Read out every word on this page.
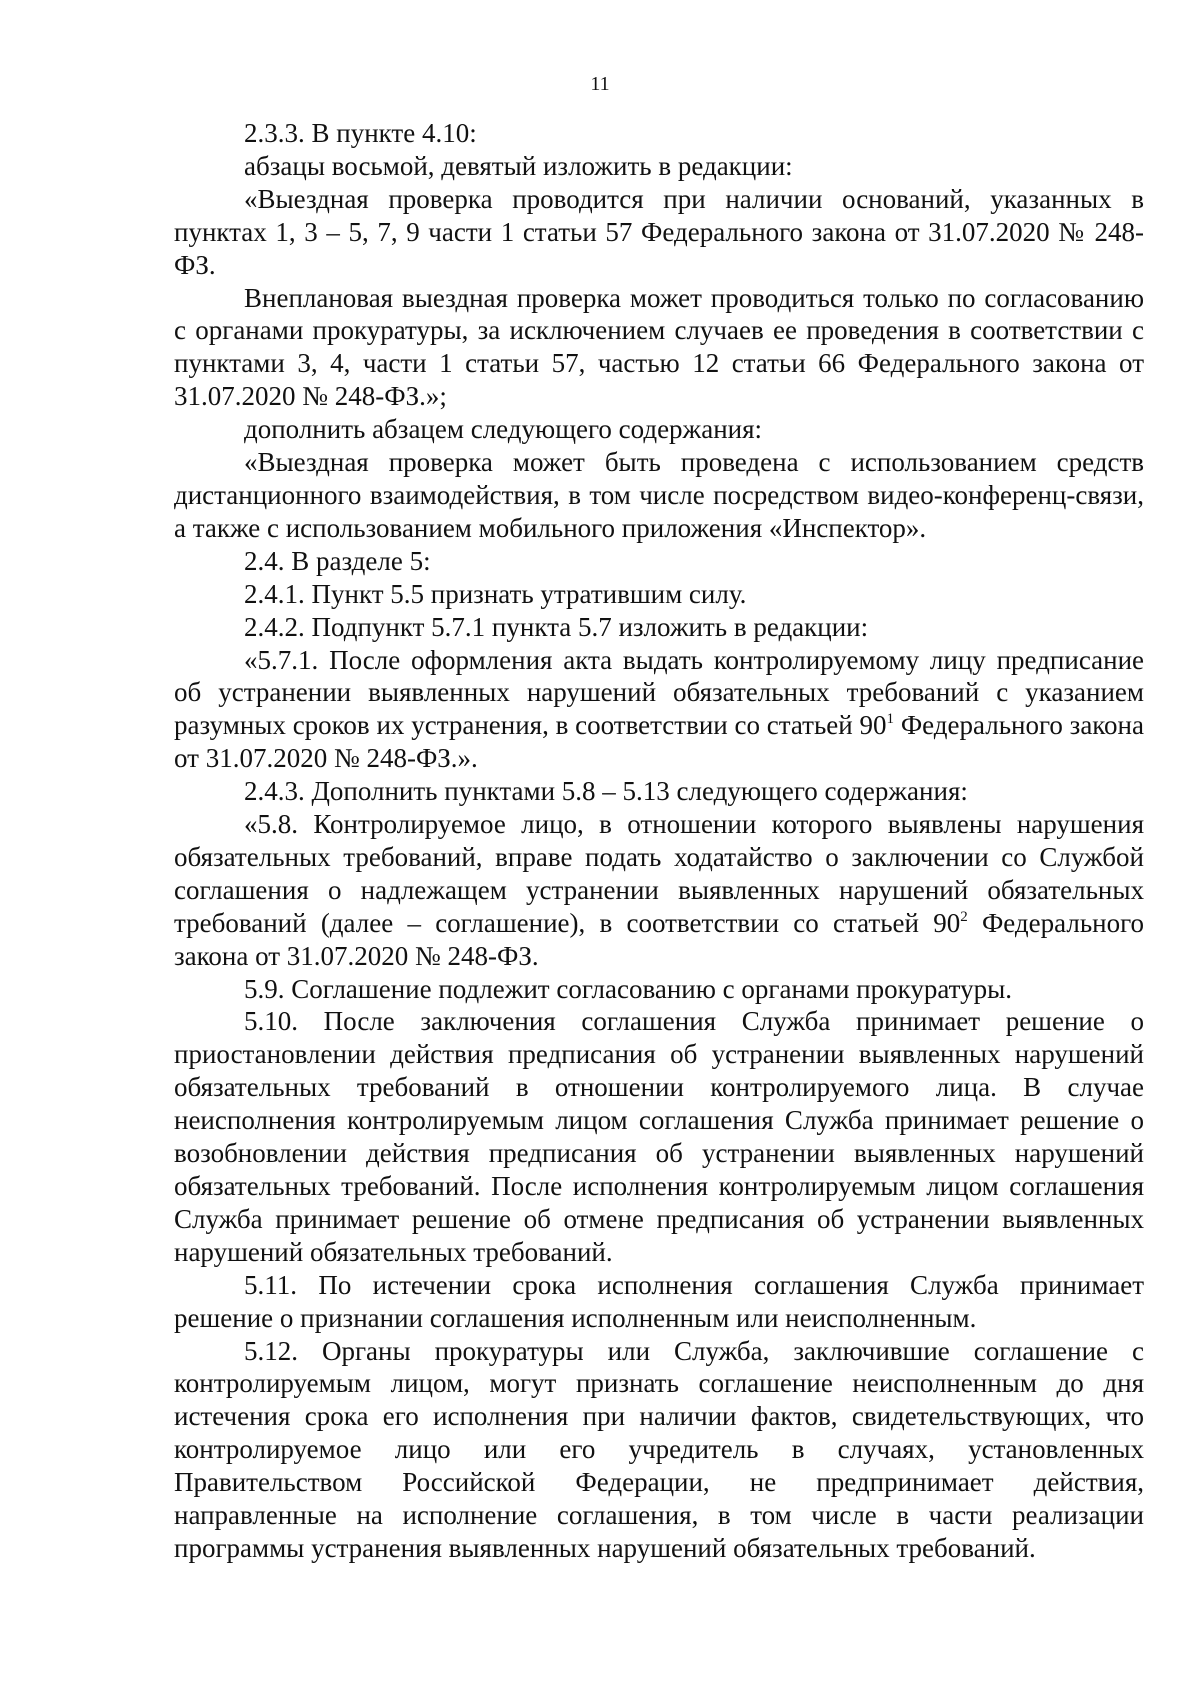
11

2.3.3. В пункте 4.10:

абзацы восьмой, девятый изложить в редакции:

«Выездная проверка проводится при наличии оснований, указанных в пунктах 1, 3 – 5, 7, 9 части 1 статьи 57 Федерального закона от 31.07.2020 № 248-ФЗ.

Внеплановая выездная проверка может проводиться только по согласованию с органами прокуратуры, за исключением случаев ее проведения в соответствии с пунктами 3, 4, части 1 статьи 57, частью 12 статьи 66 Федерального закона от 31.07.2020 № 248-ФЗ.»;

дополнить абзацем следующего содержания:

«Выездная проверка может быть проведена с использованием средств дистанционного взаимодействия, в том числе посредством видео-конференц-связи, а также с использованием мобильного приложения «Инспектор».

2.4. В разделе 5:

2.4.1. Пункт 5.5 признать утратившим силу.

2.4.2. Подпункт 5.7.1 пункта 5.7 изложить в редакции:

«5.7.1. После оформления акта выдать контролируемому лицу предписание об устранении выявленных нарушений обязательных требований с указанием разумных сроков их устранения, в соответствии со статьей $90^1$ Федерального закона от 31.07.2020 № 248-ФЗ.».

2.4.3. Дополнить пунктами 5.8 – 5.13 следующего содержания:

«5.8. Контролируемое лицо, в отношении которого выявлены нарушения обязательных требований, вправе подать ходатайство о заключении со Службой соглашения о надлежащем устранении выявленных нарушений обязательных требований (далее – соглашение), в соответствии со статьей $90^2$ Федерального закона от 31.07.2020 № 248-ФЗ.

5.9. Соглашение подлежит согласованию с органами прокуратуры.

5.10. После заключения соглашения Служба принимает решение о приостановлении действия предписания об устранении выявленных нарушений обязательных требований в отношении контролируемого лица. В случае неисполнения контролируемым лицом соглашения Служба принимает решение о возобновлении действия предписания об устранении выявленных нарушений обязательных требований. После исполнения контролируемым лицом соглашения Служба принимает решение об отмене предписания об устранении выявленных нарушений обязательных требований.

5.11. По истечении срока исполнения соглашения Служба принимает решение о признании соглашения исполненным или неисполненным.

5.12. Органы прокуратуры или Служба, заключившие соглашение с контролируемым лицом, могут признать соглашение неисполненным до дня истечения срока его исполнения при наличии фактов, свидетельствующих, что контролируемое лицо или его учредитель в случаях, установленных Правительством Российской Федерации, не предпринимает действия, направленные на исполнение соглашения, в том числе в части реализации программы устранения выявленных нарушений обязательных требований.
